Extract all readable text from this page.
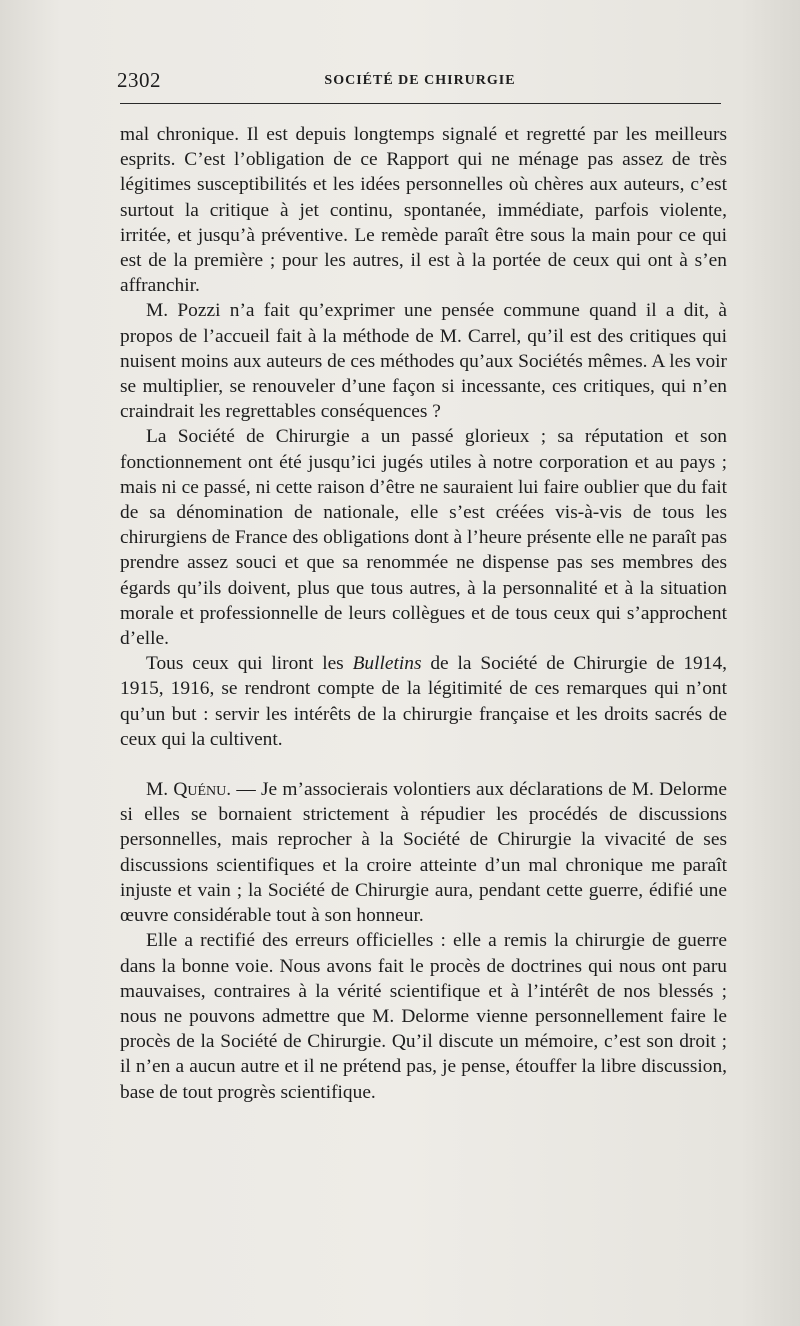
2302	SOCIÉTÉ DE CHIRURGIE

mal chronique. Il est depuis longtemps signalé et regretté par les meilleurs esprits. C’est l’obligation de ce Rapport qui ne ménage pas assez de très légitimes susceptibilités et les idées personnelles où chères aux auteurs, c’est surtout la critique à jet continu, spontanée, immédiate, parfois violente, irritée, et jusqu’à préventive. Le remède paraît être sous la main pour ce qui est de la première ; pour les autres, il est à la portée de ceux qui ont à s’en affranchir.

M. Pozzi n’a fait qu’exprimer une pensée commune quand il a dit, à propos de l’accueil fait à la méthode de M. Carrel, qu’il est des critiques qui nuisent moins aux auteurs de ces méthodes qu’aux Sociétés mêmes. A les voir se multiplier, se renouveler d’une façon si incessante, ces critiques, qui n’en craindrait les regrettables conséquences ?

La Société de Chirurgie a un passé glorieux ; sa réputation et son fonctionnement ont été jusqu’ici jugés utiles à notre corporation et au pays ; mais ni ce passé, ni cette raison d’être ne sauraient lui faire oublier que du fait de sa dénomination de nationale, elle s’est créées vis-à-vis de tous les chirurgiens de France des obligations dont à l’heure présente elle ne paraît pas prendre assez souci et que sa renommée ne dispense pas ses membres des égards qu’ils doivent, plus que tous autres, à la personnalité et à la situation morale et professionnelle de leurs collègues et de tous ceux qui s’approchent d’elle.

Tous ceux qui liront les Bulletins de la Société de Chirurgie de 1914, 1915, 1916, se rendront compte de la légitimité de ces remarques qui n’ont qu’un but : servir les intérêts de la chirurgie française et les droits sacrés de ceux qui la cultivent.

M. Quénu. — Je m’associerais volontiers aux déclarations de M. Delorme si elles se bornaient strictement à répudier les procédés de discussions personnelles, mais reprocher à la Société de Chirurgie la vivacité de ses discussions scientifiques et la croire atteinte d’un mal chronique me paraît injuste et vain ; la Société de Chirurgie aura, pendant cette guerre, édifié une œuvre considérable tout à son honneur.

Elle a rectifié des erreurs officielles : elle a remis la chirurgie de guerre dans la bonne voie. Nous avons fait le procès de doctrines qui nous ont paru mauvaises, contraires à la vérité scientifique et à l’intérêt de nos blessés ; nous ne pouvons admettre que M. Delorme vienne personnellement faire le procès de la Société de Chirurgie. Qu’il discute un mémoire, c’est son droit ; il n’en a aucun autre et il ne prétend pas, je pense, étouffer la libre discussion, base de tout progrès scientifique.
